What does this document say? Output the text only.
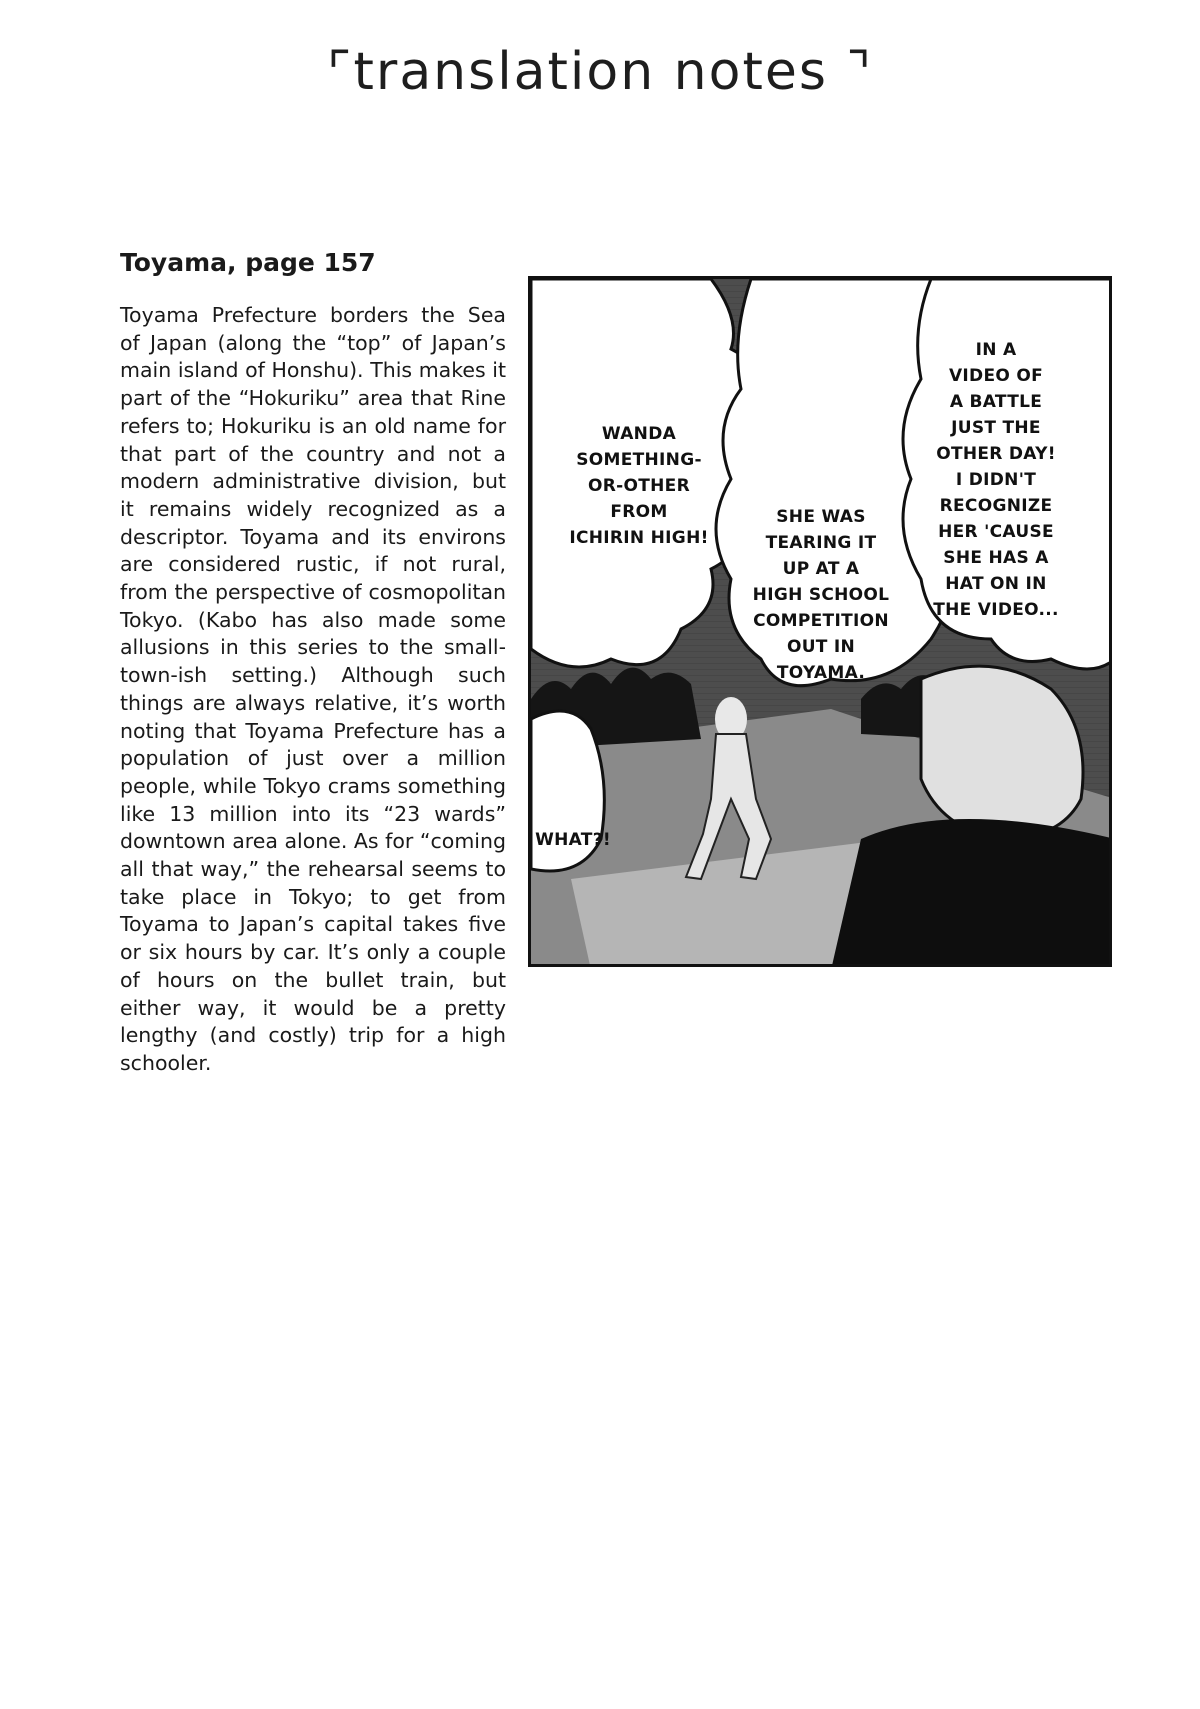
⌜translation notes ⌝
Toyama, page 157

Toyama Prefecture borders the Sea of Japan (along the “top” of Japan’s main island of Honshu). This makes it part of the “Hokuriku” area that Rine refers to; Hokuriku is an old name for that part of the country and not a modern administrative division, but it remains widely recognized as a descriptor. Toyama and its environs are considered rustic, if not rural, from the perspective of cosmopolitan Tokyo. (Kabo has also made some allusions in this series to the small-town-ish setting.) Although such things are always relative, it’s worth noting that Toyama Prefecture has a population of just over a million people, while Tokyo crams something like 13 million into its “23 wards” downtown area alone. As for “coming all that way,” the rehearsal seems to take place in Tokyo; to get from Toyama to Japan’s capital takes five or six hours by car. It’s only a couple of hours on the bullet train, but either way, it would be a pretty lengthy (and costly) trip for a high schooler.

WANDA
SOMETHING-
OR-OTHER FROM
ICHIRIN HIGH!
SHE WAS
TEARING IT
UP AT A
HIGH SCHOOL
COMPETITION
OUT IN
TOYAMA.
IN A
VIDEO OF
A BATTLE
JUST THE
OTHER DAY!
I DIDN'T
RECOGNIZE
HER 'CAUSE
SHE HAS A
HAT ON IN
THE VIDEO...
WHAT?!
